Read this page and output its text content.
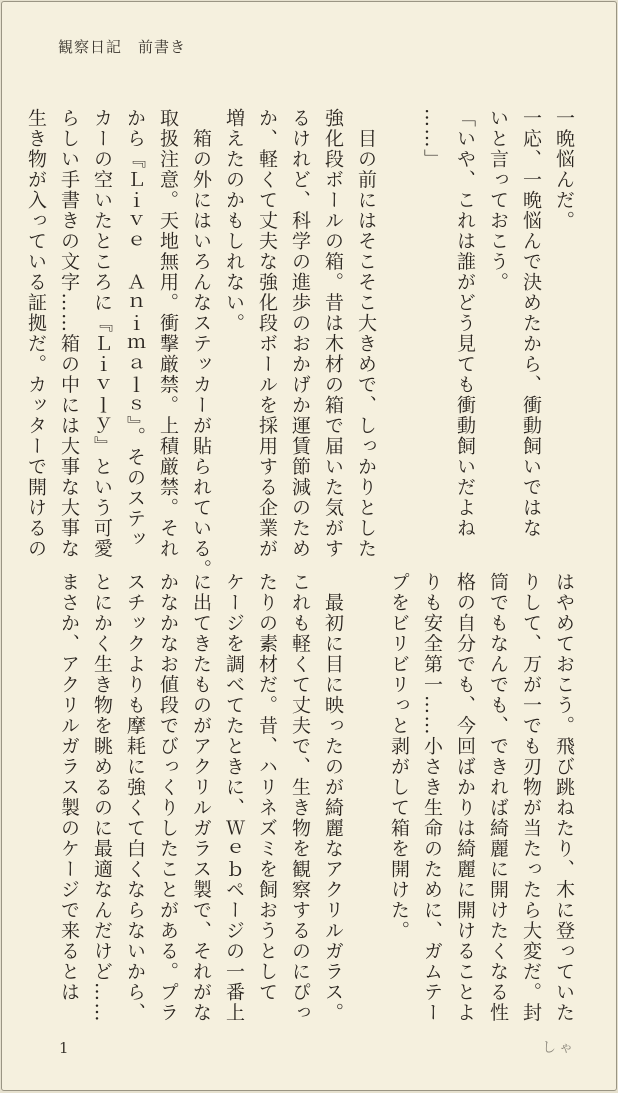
観察日記　前書き
一晩悩んだ。
一応、一晩悩んで決めたから、衝動飼いではな
いと言っておこう。
「いや、これは誰がどう見ても衝動飼いだよね
……」

　目の前にはそこそこ大きめで、しっかりとした
強化段ボールの箱。昔は木材の箱で届いた気がす
るけれど、科学の進歩のおかげか運賃節減のため
か、軽くて丈夫な強化段ボールを採用する企業が
増えたのかもしれない。
　箱の外にはいろんなステッカーが貼られている。
取扱注意。天地無用。衝撃厳禁。上積厳禁。それ
から『Ｌｉｖｅ　Ａｎｉｍａｌｓ』。そのステッ
カーの空いたところに『Ｌｉｖｌｙ』という可愛
らしい手書きの文字……箱の中には大事な大事な
生き物が入っている証拠だ。カッターで開けるの
はやめておこう。飛び跳ねたり、木に登っていた
りして、万が一でも刃物が当たったら大変だ。封
筒でもなんでも、できれば綺麗に開けたくなる性
格の自分でも、今回ばかりは綺麗に開けることよ
りも安全第一……小さき生命のために、ガムテー
プをビリビリっと剥がして箱を開けた。

　最初に目に映ったのが綺麗なアクリルガラス。
これも軽くて丈夫で、生き物を観察するのにぴっ
たりの素材だ。昔、ハリネズミを飼おうとして
ケージを調べてたときに、Ｗｅｂページの一番上
に出てきたものがアクリルガラス製で、それがな
かなかなお値段でびっくりしたことがある。プラ
スチックよりも摩耗に強くて白くならないから、
とにかく生き物を眺めるのに最適なんだけど……
まさか、アクリルガラス製のケージで来るとは
1	しゃ
